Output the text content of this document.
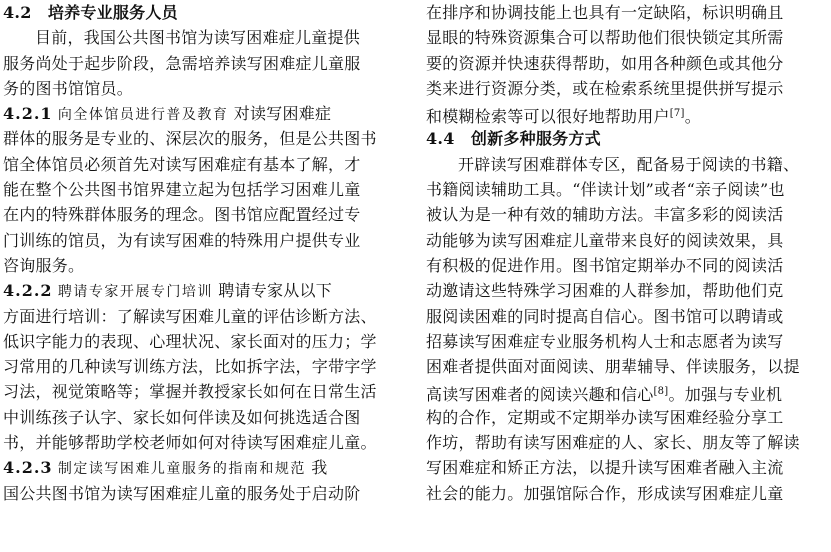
4.2　培养专业服务人员
目前，我国公共图书馆为读写困难症儿童提供
服务尚处于起步阶段，急需培养读写困难症儿童服
务的图书馆馆员。
4.2.1 向全体馆员进行普及教育 对读写困难症
群体的服务是专业的、深层次的服务，但是公共图书
馆全体馆员必须首先对读写困难症有基本了解，才
能在整个公共图书馆界建立起为包括学习困难儿童
在内的特殊群体服务的理念。图书馆应配置经过专
门训练的馆员，为有读写困难的特殊用户提供专业
咨询服务。
4.2.2 聘请专家开展专门培训 聘请专家从以下
方面进行培训：了解读写困难儿童的评估诊断方法、
低识字能力的表现、心理状况、家长面对的压力；学
习常用的几种读写训练方法，比如拆字法，字带字学
习法，视觉策略等；掌握并教授家长如何在日常生活
中训练孩子认字、家长如何伴读及如何挑选适合图
书，并能够帮助学校老师如何对待读写困难症儿童。
4.2.3 制定读写困难儿童服务的指南和规范 我
国公共图书馆为读写困难症儿童的服务处于启动阶
在排序和协调技能上也具有一定缺陷，标识明确且
显眼的特殊资源集合可以帮助他们很快锁定其所需
要的资源并快速获得帮助，如用各种颜色或其他分
类来进行资源分类，或在检索系统里提供拼写提示
和模糊检索等可以很好地帮助用户[7]。
4.4　创新多种服务方式
开辟读写困难群体专区，配备易于阅读的书籍、
书籍阅读辅助工具。“伴读计划”或者“亲子阅读”也
被认为是一种有效的辅助方法。丰富多彩的阅读活
动能够为读写困难症儿童带来良好的阅读效果，具
有积极的促进作用。图书馆定期举办不同的阅读活
动邀请这些特殊学习困难的人群参加，帮助他们克
服阅读困难的同时提高自信心。图书馆可以聘请或
招募读写困难症专业服务机构人士和志愿者为读写
困难者提供面对面阅读、朋辈辅导、伴读服务，以提
高读写困难者的阅读兴趣和信心[8]。加强与专业机
构的合作，定期或不定期举办读写困难经验分享工
作坊，帮助有读写困难症的人、家长、朋友等了解读
写困难症和矫正方法，以提升读写困难者融入主流
社会的能力。加强馆际合作，形成读写困难症儿童
